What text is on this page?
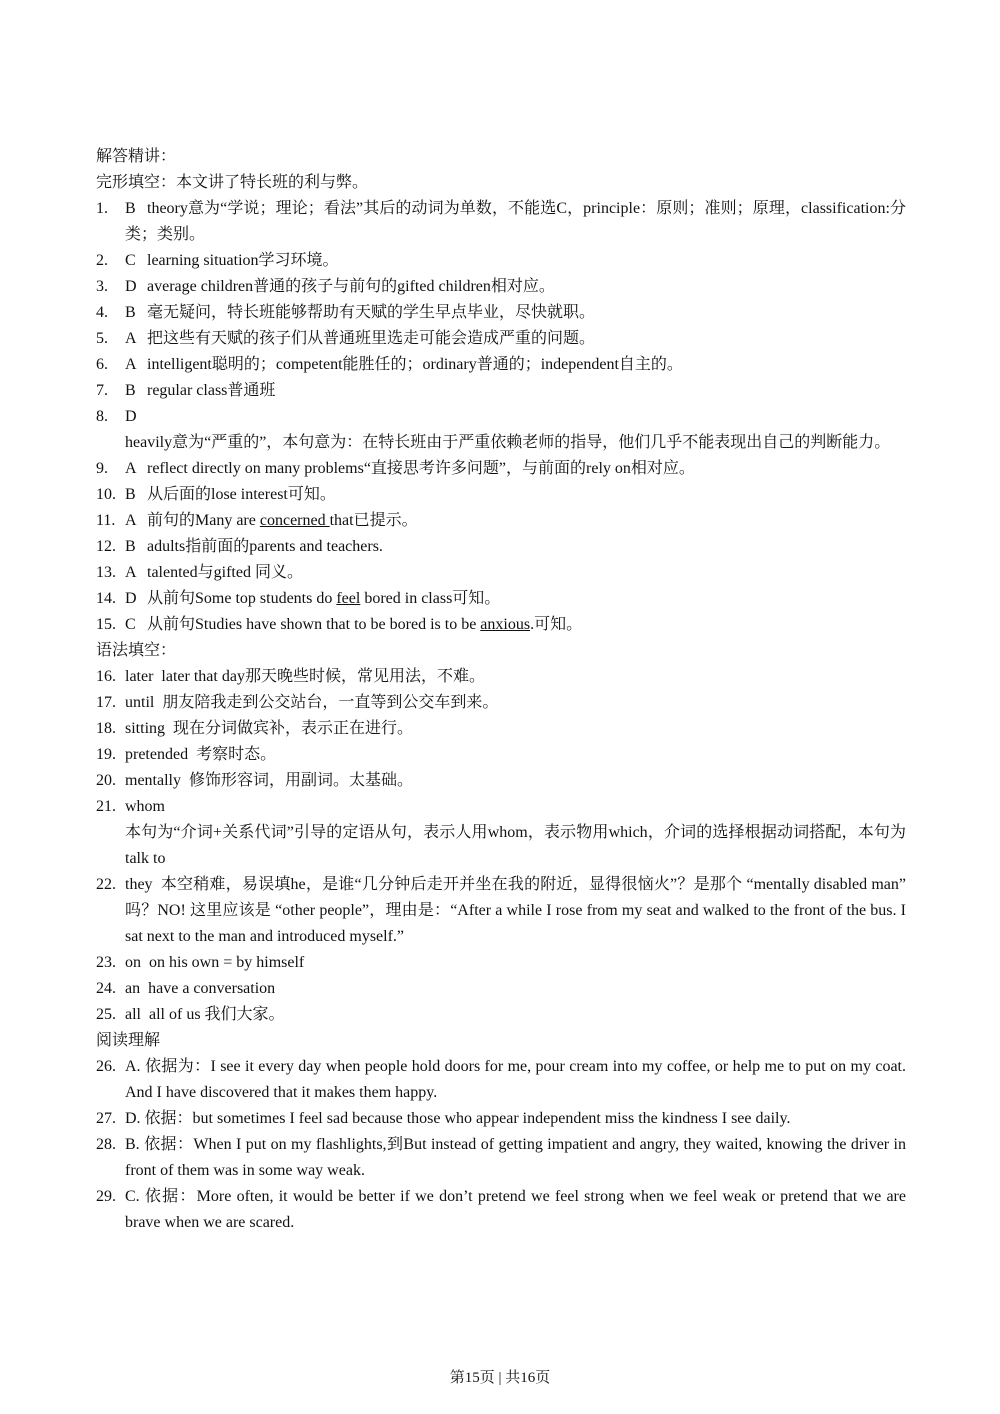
解答精讲：
完形填空：本文讲了特长班的利与弊。
1.	B theory意为“学说；理论；看法”其后的动词为单数，不能选C，principle：原则；准则；原理，classification:分类；类别。
2.	C learning situation学习环境。
3.	D average children普通的孩子与前句的gifted children相对应。
4.	B 毫无疑问，特长班能够帮助有天赋的学生早点毕业，尽快就职。
5.	A 把这些有天赋的孩子们从普通班里选走可能会造成严重的问题。
6.	A intelligent聪明的；competent能胜任的；ordinary普通的；independent自主的。
7.	B regular class普通班
8.	D
heavily意为“严重的”，本句意为：在特长班由于严重依赖老师的指导，他们几乎不能表现出自己的判断能力。
9.	A reflect directly on many problems“直接思考许多问题”，与前面的rely on相对应。
10. B 从后面的lose interest可知。
11. A 前句的Many are concerned that已提示。
12. B adults指前面的parents and teachers.
13. A talented与gifted 同义。
14. D 从前句Some top students do feel bored in class可知。
15. C 从前句Studies have shown that to be bored is to be anxious.可知。
语法填空：
16. later later that day那天晚些时候，常见用法，不难。
17. until 朋友陪我走到公交站台，一直等到公交车到来。
18. sitting 现在分词做宾补，表示正在进行。
19. pretended 考察时态。
20. mentally 修饰形容词，用副词。太基础。
21. whom
本句为“介词+关系代词”引导的定语从句，表示人用whom，表示物用which，介词的选择根据动词搭配，本句为talk to
22. they 本空稍难，易误填he，是谁“几分钟后走开并坐在我的附近，显得很恼火”？是那个 “mentally disabled man” 吗？NO! 这里应该是 “other people”，理由是：“After a while I rose from my seat and walked to the front of the bus. I sat next to the man and introduced myself.”
23. on on his own = by himself
24. an have a conversation
25. all all of us 我们大家。
阅读理解
26. A. 依据为：I see it every day when people hold doors for me, pour cream into my coffee, or help me to put on my coat. And I have discovered that it makes them happy.
27. D. 依据：but sometimes I feel sad because those who appear independent miss the kindness I see daily.
28. B. 依据：When I put on my flashlights,到But instead of getting impatient and angry, they waited, knowing the driver in front of them was in some way weak.
29. C. 依据：More often, it would be better if we don’t pretend we feel strong when we feel weak or pretend that we are brave when we are scared.
第15页 | 共16页
